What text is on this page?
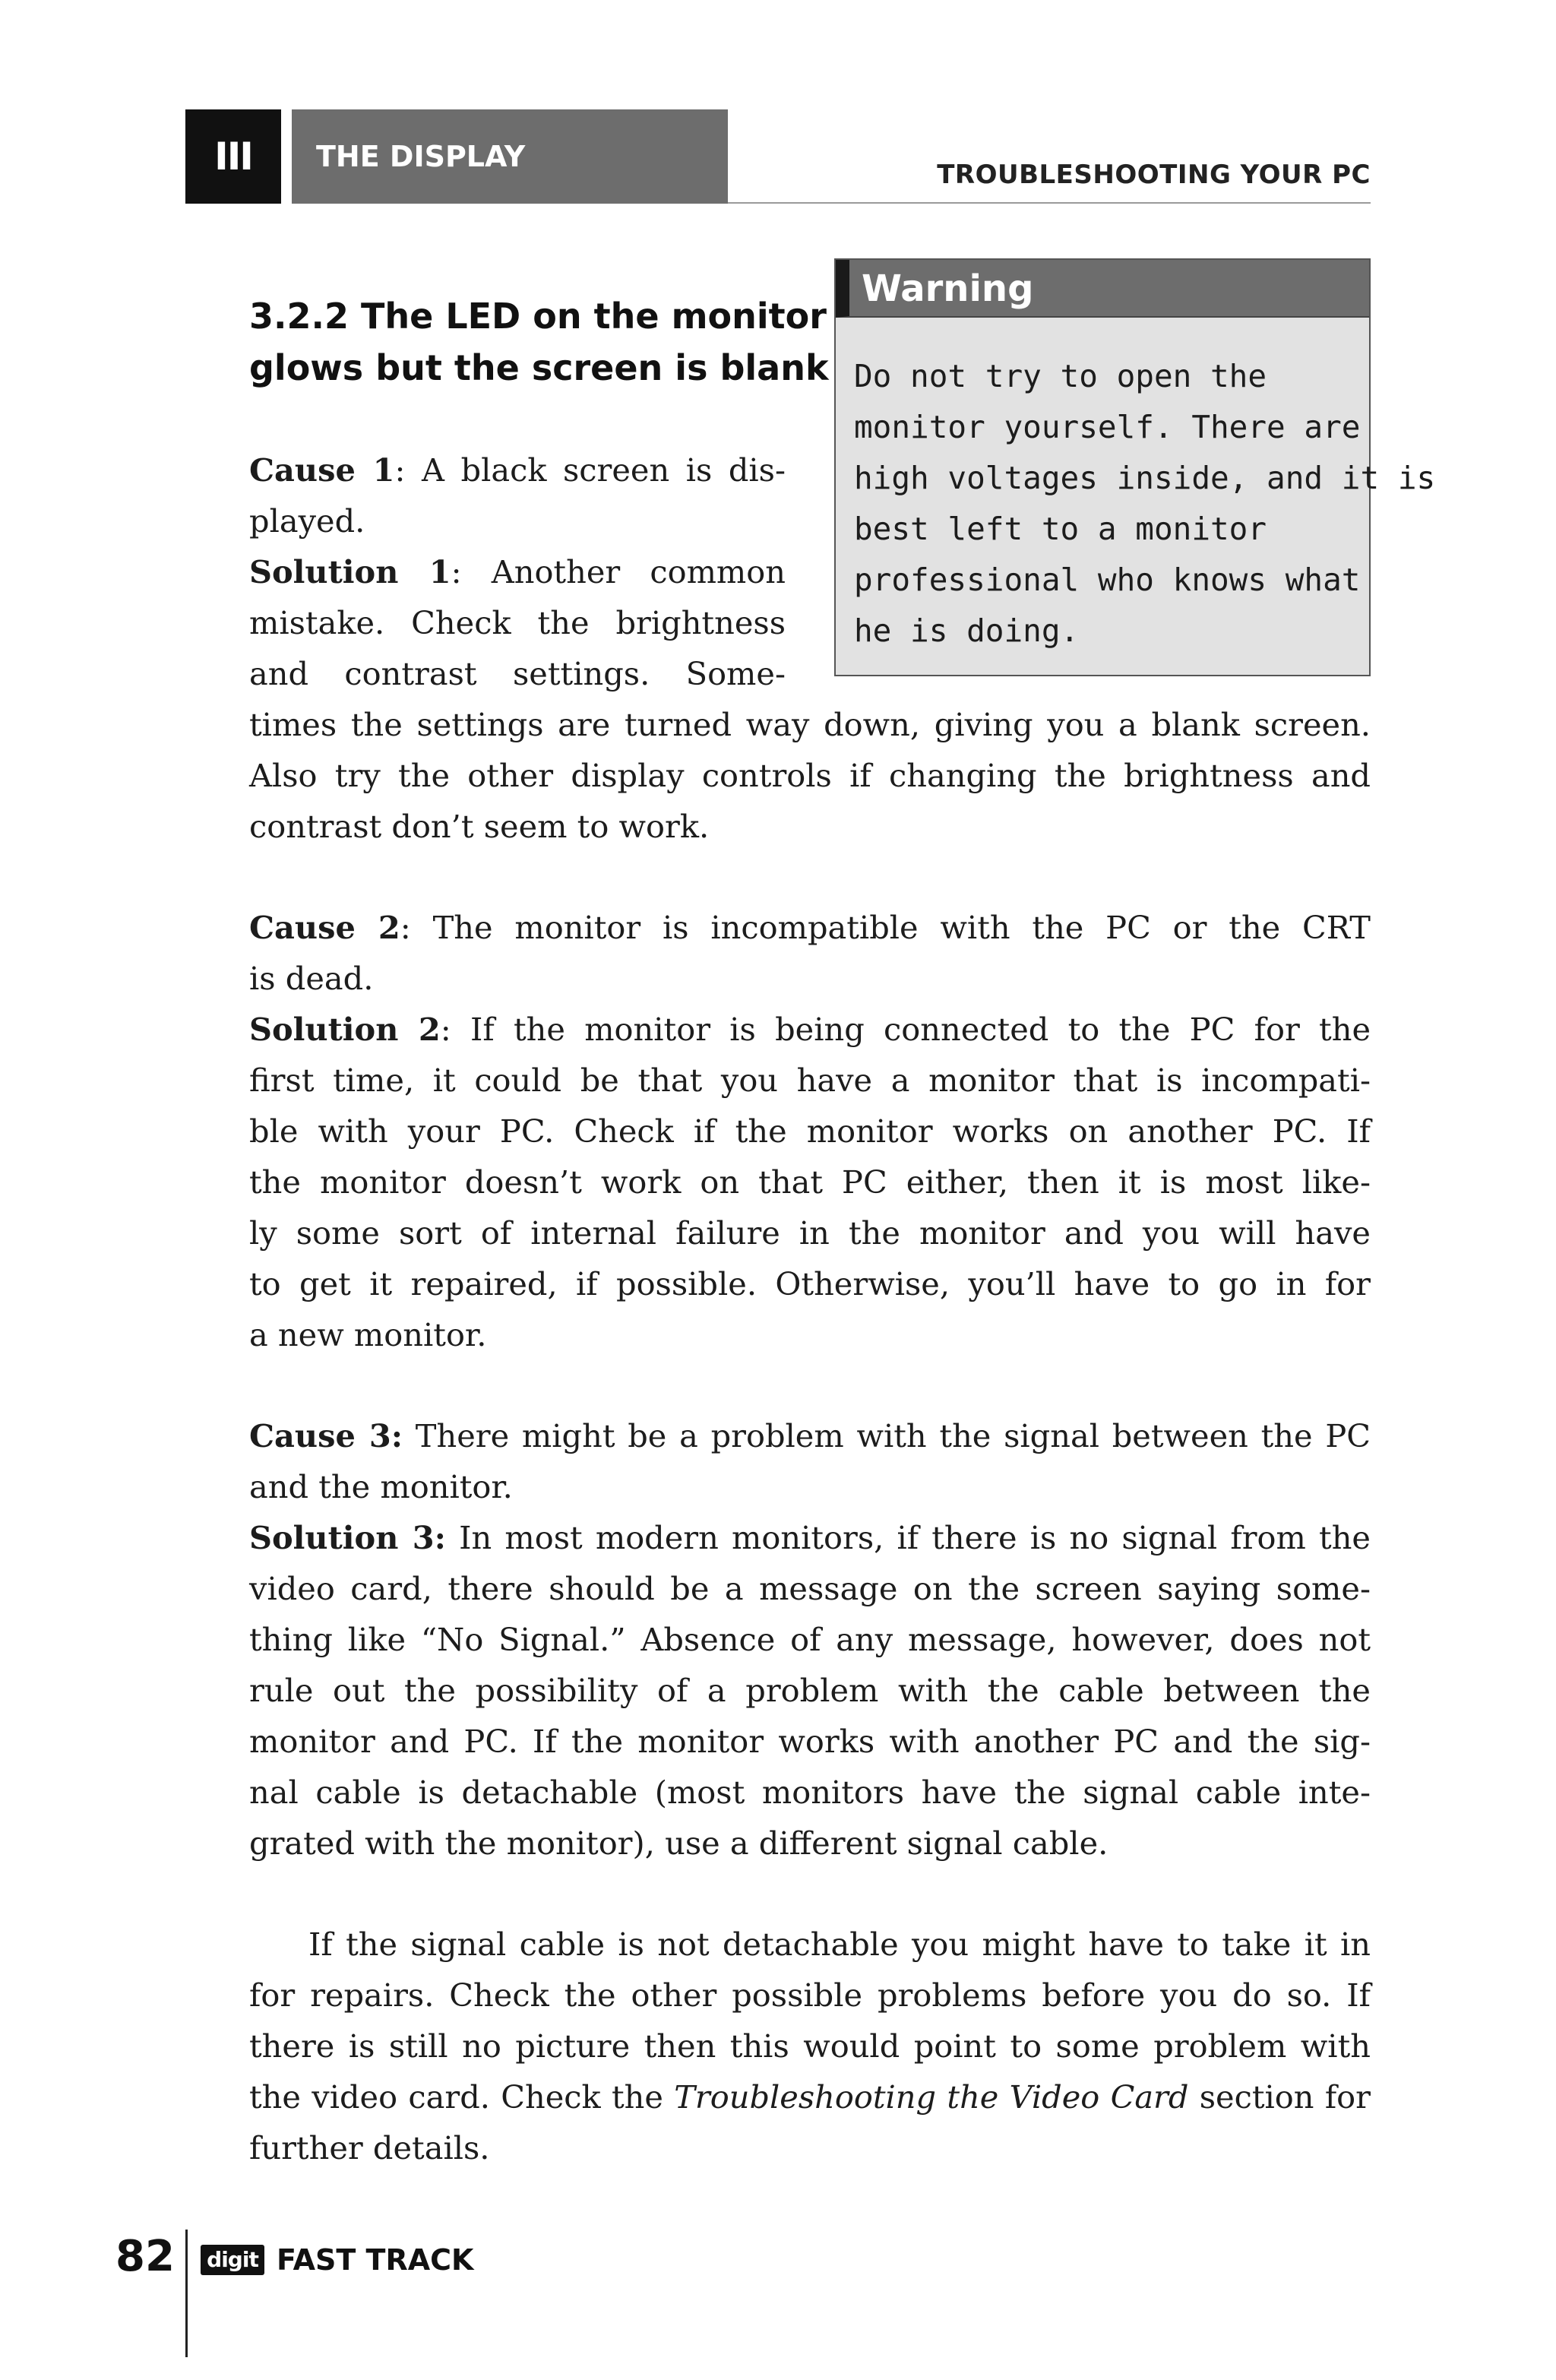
III	THE DISPLAY
TROUBLESHOOTING YOUR PC
3.2.2 The LED on the monitor
glows but the screen is blank
Warning

Do not try to open the
monitor yourself. There are
high voltages inside, and it is
best left to a monitor
professional who knows what
he is doing.

Cause 1: A black screen is dis-
played.
Solution 1: Another common
mistake. Check the brightness
and contrast settings. Some-
times the settings are turned way down, giving you a blank screen.
Also try the other display controls if changing the brightness and
contrast don’t seem to work.
Cause 2: The monitor is incompatible with the PC or the CRT
is dead.
Solution 2: If the monitor is being connected to the PC for the
first time, it could be that you have a monitor that is incompati-
ble with your PC. Check if the monitor works on another PC. If
the monitor doesn’t work on that PC either, then it is most like-
ly some sort of internal failure in the monitor and you will have
to get it repaired, if possible. Otherwise, you’ll have to go in for
a new monitor.
Cause 3: There might be a problem with the signal between the PC
and the monitor.
Solution 3: In most modern monitors, if there is no signal from the
video card, there should be a message on the screen saying some-
thing like “No Signal.” Absence of any message, however, does not
rule out the possibility of a problem with the cable between the
monitor and PC. If the monitor works with another PC and the sig-
nal cable is detachable (most monitors have the signal cable inte-
grated with the monitor), use a different signal cable.
If the signal cable is not detachable you might have to take it in
for repairs. Check the other possible problems before you do so. If
there is still no picture then this would point to some problem with
the video card. Check the Troubleshooting the Video Card section for
further details.
82 digit FAST TRACK
